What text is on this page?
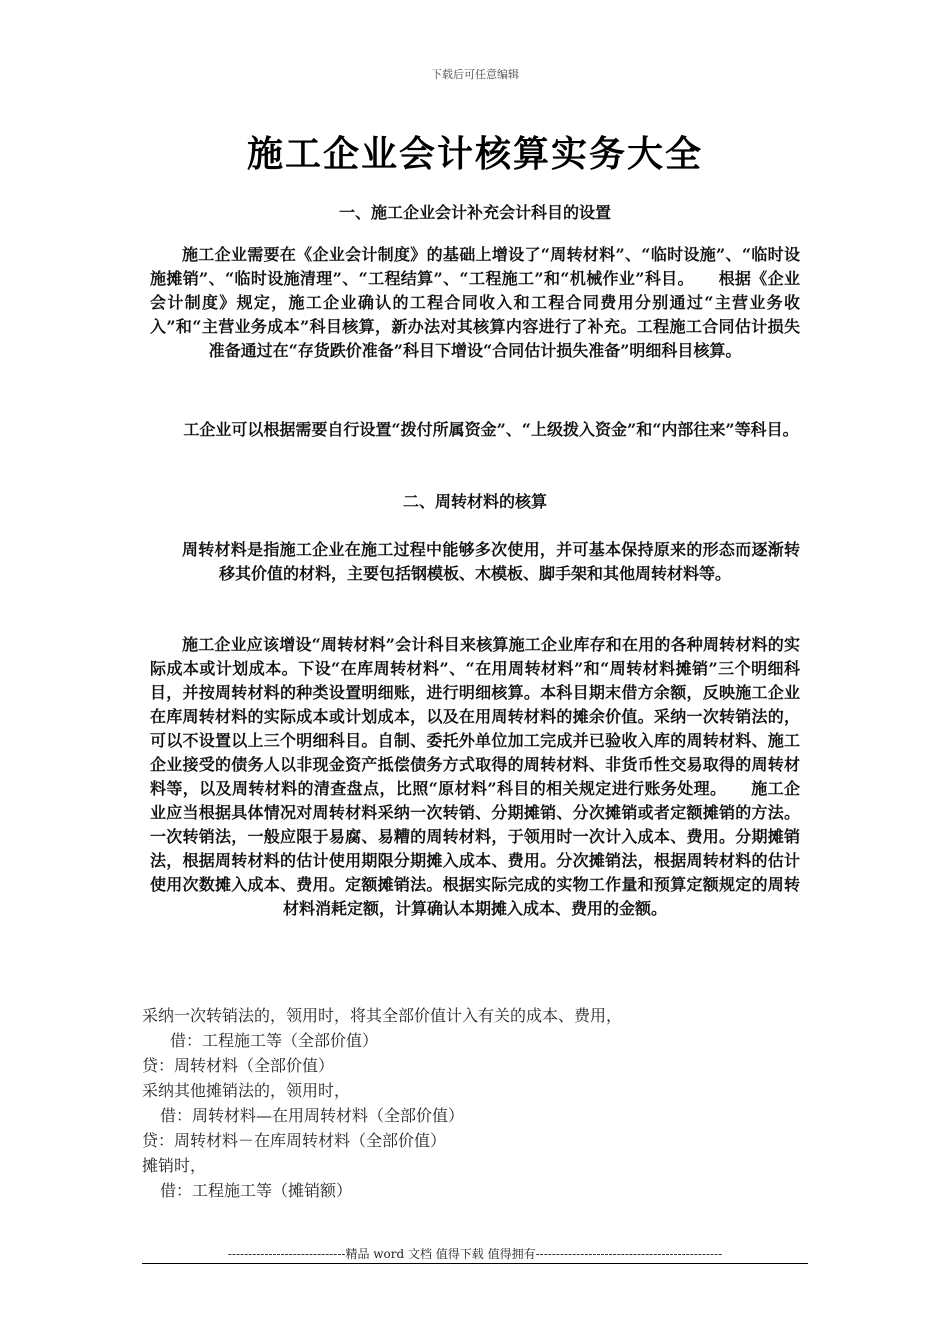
下载后可任意编辑
施工企业会计核算实务大全

一、施工企业会计补充会计科目的设置

施工企业需要在《企业会计制度》的基础上增设了“周转材料”、“临时设施”、“临时设施摊销”、“临时设施清理”、“工程结算”、“工程施工”和“机械作业”科目。　　根据《企业会计制度》规定，施工企业确认的工程合同收入和工程合同费用分别通过“主营业务收入”和“主营业务成本”科目核算，新办法对其核算内容进行了补充。工程施工合同估计损失准备通过在“存货跌价准备”科目下增设“合同估计损失准备”明细科目核算。

工企业可以根据需要自行设置“拨付所属资金”、“上级拨入资金”和“内部往来”等科目。

二、周转材料的核算

周转材料是指施工企业在施工过程中能够多次使用，并可基本保持原来的形态而逐渐转移其价值的材料，主要包括钢模板、木模板、脚手架和其他周转材料等。

施工企业应该增设“周转材料”会计科目来核算施工企业库存和在用的各种周转材料的实际成本或计划成本。下设“在库周转材料”、“在用周转材料”和“周转材料摊销”三个明细科目，并按周转材料的种类设置明细账，进行明细核算。本科目期末借方余额，反映施工企业在库周转材料的实际成本或计划成本，以及在用周转材料的摊余价值。采纳一次转销法的，可以不设置以上三个明细科目。自制、委托外单位加工完成并已验收入库的周转材料、施工企业接受的债务人以非现金资产抵偿债务方式取得的周转材料、非货币性交易取得的周转材料等，以及周转材料的清查盘点，比照“原材料”科目的相关规定进行账务处理。　　施工企业应当根据具体情况对周转材料采纳一次转销、分期摊销、分次摊销或者定额摊销的方法。一次转销法，一般应限于易腐、易糟的周转材料，于领用时一次计入成本、费用。分期摊销法，根据周转材料的估计使用期限分期摊入成本、费用。分次摊销法，根据周转材料的估计使用次数摊入成本、费用。定额摊销法。根据实际完成的实物工作量和预算定额规定的周转材料消耗定额，计算确认本期摊入成本、费用的金额。

采纳一次转销法的，领用时，将其全部价值计入有关的成本、费用，
借：工程施工等（全部价值）
贷：周转材料（全部价值）
采纳其他摊销法的，领用时，
借：周转材料—在用周转材料（全部价值）
贷：周转材料－在库周转材料（全部价值）
摊销时，
借：工程施工等（摊销额）
-----------------------------精品 word 文档 值得下载 值得拥有----------------------------------------------
